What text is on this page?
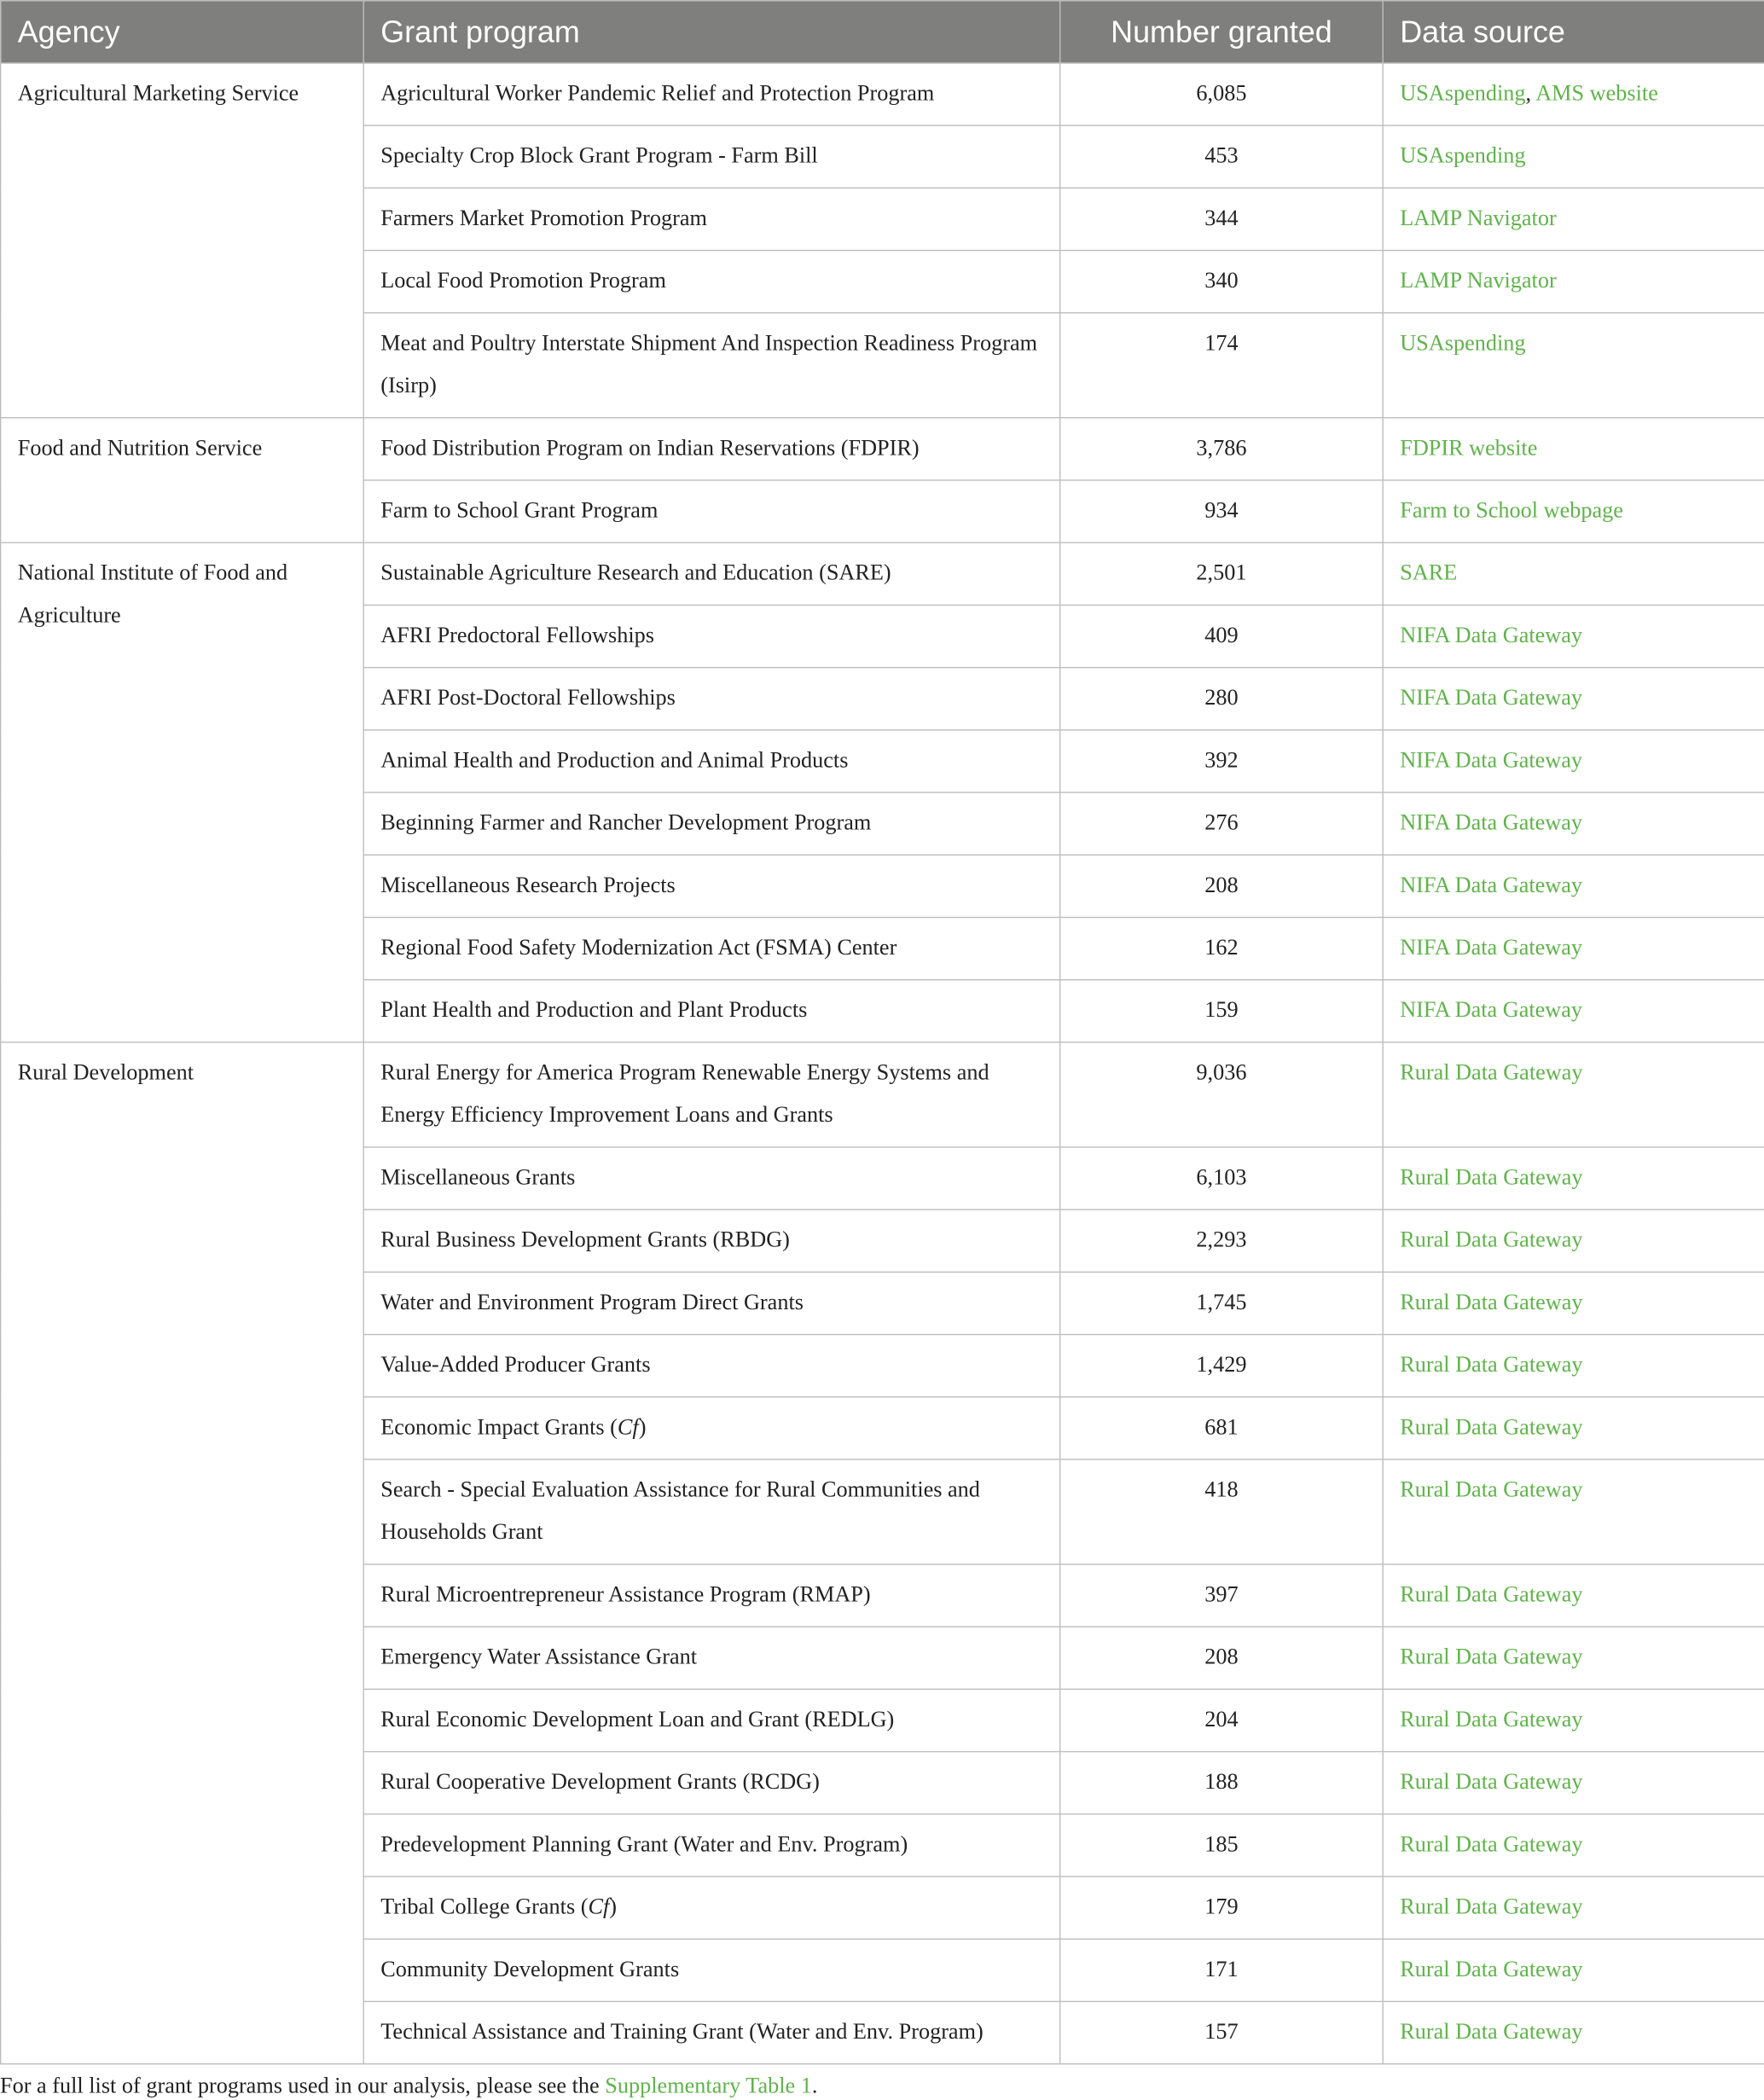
Agency	Grant program	Number granted	Data source
Agricultural Marketing Service	Agricultural Worker Pandemic Relief and Protection Program	6,085	USAspending, AMS website
	Specialty Crop Block Grant Program - Farm Bill	453	USAspending
	Farmers Market Promotion Program	344	LAMP Navigator
	Local Food Promotion Program	340	LAMP Navigator
	Meat and Poultry Interstate Shipment And Inspection Readiness Program (Isirp)	174	USAspending
Food and Nutrition Service	Food Distribution Program on Indian Reservations (FDPIR)	3,786	FDPIR website
	Farm to School Grant Program	934	Farm to School webpage
National Institute of Food and Agriculture	Sustainable Agriculture Research and Education (SARE)	2,501	SARE
	AFRI Predoctoral Fellowships	409	NIFA Data Gateway
	AFRI Post-Doctoral Fellowships	280	NIFA Data Gateway
	Animal Health and Production and Animal Products	392	NIFA Data Gateway
	Beginning Farmer and Rancher Development Program	276	NIFA Data Gateway
	Miscellaneous Research Projects	208	NIFA Data Gateway
	Regional Food Safety Modernization Act (FSMA) Center	162	NIFA Data Gateway
	Plant Health and Production and Plant Products	159	NIFA Data Gateway
Rural Development	Rural Energy for America Program Renewable Energy Systems and Energy Efficiency Improvement Loans and Grants	9,036	Rural Data Gateway
	Miscellaneous Grants	6,103	Rural Data Gateway
	Rural Business Development Grants (RBDG)	2,293	Rural Data Gateway
	Water and Environment Program Direct Grants	1,745	Rural Data Gateway
	Value-Added Producer Grants	1,429	Rural Data Gateway
	Economic Impact Grants (Cf)	681	Rural Data Gateway
	Search - Special Evaluation Assistance for Rural Communities and Households Grant	418	Rural Data Gateway
	Rural Microentrepreneur Assistance Program (RMAP)	397	Rural Data Gateway
	Emergency Water Assistance Grant	208	Rural Data Gateway
	Rural Economic Development Loan and Grant (REDLG)	204	Rural Data Gateway
	Rural Cooperative Development Grants (RCDG)	188	Rural Data Gateway
	Predevelopment Planning Grant (Water and Env. Program)	185	Rural Data Gateway
	Tribal College Grants (Cf)	179	Rural Data Gateway
	Community Development Grants	171	Rural Data Gateway
	Technical Assistance and Training Grant (Water and Env. Program)	157	Rural Data Gateway
For a full list of grant programs used in our analysis, please see the Supplementary Table 1.
